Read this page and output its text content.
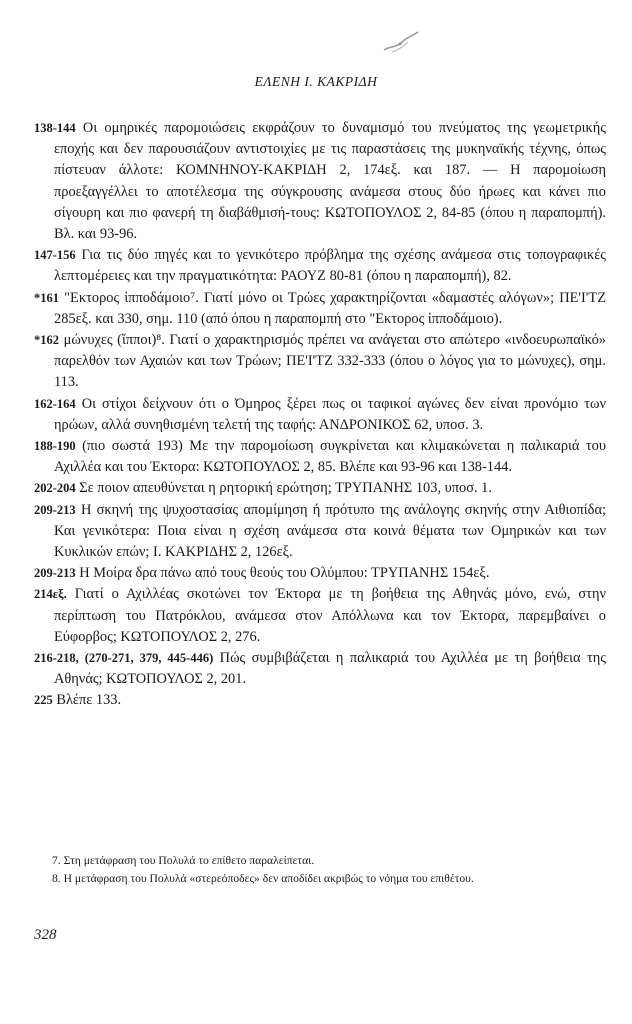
ΕΛΕΝΗ Ι. ΚΑΚΡΙΔΗ

138-144 Οι ομηρικές παρομοιώσεις εκφράζουν το δυναμισμό του πνεύματος της γεωμετρικής εποχής και δεν παρουσιάζουν αντιστοιχίες με τις παραστάσεις της μυκηναϊκής τέχνης, όπως πίστευαν άλλοτε: ΚΟΜΝΗΝΟΥ-ΚΑΚΡΙΔΗ 2, 174εξ. και 187. — Η παρομοίωση προεξαγγέλλει το αποτέλεσμα της σύγκρουσης ανάμεσα στους δύο ήρωες και κάνει πιο σίγουρη και πιο φανερή τη διαβάθμισή-τους: ΚΩΤΟΠΟΥΛΟΣ 2, 84-85 (όπου η παραπομπή). Βλ. και 93-96.

147-156 Για τις δύο πηγές και το γενικότερο πρόβλημα της σχέσης ανάμεσα στις τοπογραφικές λεπτομέρειες και την πραγματικότητα: ΡΑΟΥΖ 80-81 (όπου η παραπομπή), 82.

*161 "Εκτορος ἱπποδάμοιο⁷. Γιατί μόνο οι Τρώες χαρακτηρίζονται «δαμαστές αλόγων»; ΠΕ'Ι'ΤΖ 285εξ. και 330, σημ. 110 (από όπου η παραπομπή στο "Εκτορος ἱπποδάμοιο).

*162 μώνυχες (ἵπποι)⁸. Γιατί ο χαρακτηρισμός πρέπει να ανάγεται στο απώτερο «ινδοευρωπαϊκό» παρελθόν των Αχαιών και των Τρώων; ΠΕ'Ι'ΤΖ 332-333 (όπου ο λόγος για το μώνυχες), σημ. 113.

162-164 Οι στίχοι δείχνουν ότι ο Όμηρος ξέρει πως οι ταφικοί αγώνες δεν είναι προνόμιο των ηρώων, αλλά συνηθισμένη τελετή της ταφής: ΑΝΔΡΟΝΙΚΟΣ 62, υποσ. 3.

188-190 (πιο σωστά 193) Με την παρομοίωση συγκρίνεται και κλιμακώνεται η παλικαριά του Αχιλλέα και του Έκτορα: ΚΩΤΟΠΟΥΛΟΣ 2, 85. Βλέπε και 93-96 και 138-144.

202-204 Σε ποιον απευθύνεται η ρητορική ερώτηση; ΤΡΥΠΑΝΗΣ 103, υποσ. 1.

209-213 Η σκηνή της ψυχοστασίας απομίμηση ή πρότυπο της ανάλογης σκηνής στην Αιθιοπίδα; Και γενικότερα: Ποια είναι η σχέση ανάμεσα στα κοινά θέματα των Ομηρικών και των Κυκλικών επών; Ι. ΚΑΚΡΙΔΗΣ 2, 126εξ.

209-213 Η Μοίρα δρα πάνω από τους θεούς του Ολύμπου: ΤΡΥΠΑΝΗΣ 154εξ.

214εξ. Γιατί ο Αχιλλέας σκοτώνει τον Έκτορα με τη βοήθεια της Αθηνάς μόνο, ενώ, στην περίπτωση του Πατρόκλου, ανάμεσα στον Απόλλωνα και τον Έκτορα, παρεμβαίνει ο Εύφορβος; ΚΩΤΟΠΟΥΛΟΣ 2, 276.

216-218, (270-271, 379, 445-446) Πώς συμβιβάζεται η παλικαριά του Αχιλλέα με τη βοήθεια της Αθηνάς; ΚΩΤΟΠΟΥΛΟΣ 2, 201.

225 Βλέπε 133.

7. Στη μετάφραση του Πολυλά το επίθετο παραλείπεται.

8. Η μετάφραση του Πολυλά «στερεόποδες» δεν αποδίδει ακριβώς το νόημα του επιθέτου.

328
